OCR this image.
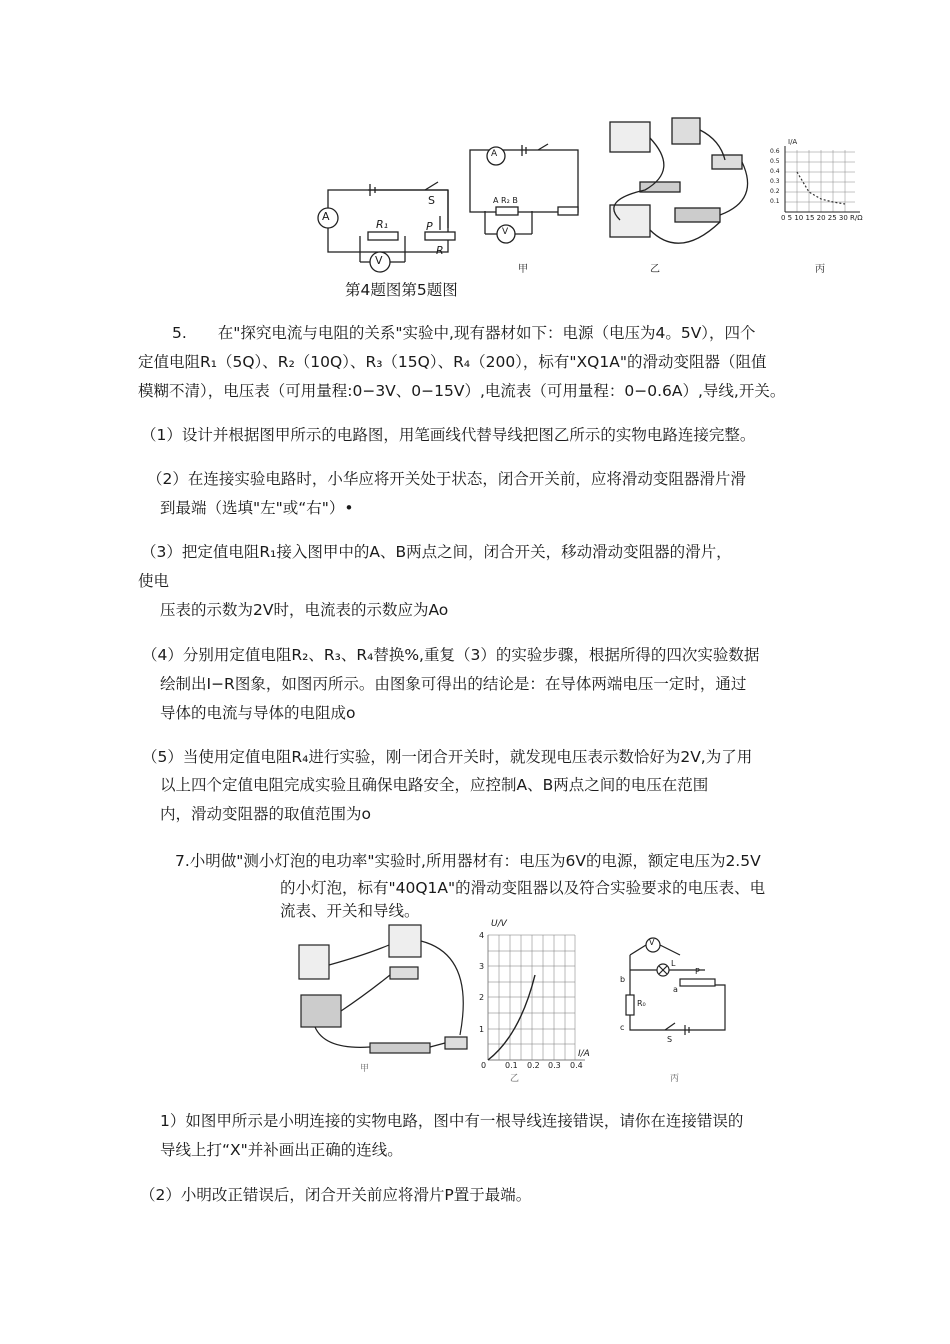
A
S
R₁	P
R
V
A
A R₂ B
V
甲	乙	丙
I/A
0.6
0.5
0.4
0.3
0.2
0.1
0 5 10 15 20 25 30 R/Ω
第4题图第5题图
5.　　在"探究电流与电阻的关系"实验中,现有器材如下：电源（电压为4。5V），四个
定值电阻R₁（5Q）、R₂（10Q）、R₃（15Q）、R₄（200），标有"XQ1A"的滑动变阻器（阻值
模糊不清），电压表（可用量程:0−3V、0−15V）,电流表（可用量程：0−0.6A）,导线,开关。
（1）设计并根据图甲所示的电路图，用笔画线代替导线把图乙所示的实物电路连接完整。
（2）在连接实验电路时，小华应将开关处于状态，闭合开关前，应将滑动变阻器滑片滑
到最端（选填"左"或“右"）•
（3）把定值电阻R₁接入图甲中的A、B两点之间，闭合开关，移动滑动变阻器的滑片，
使电
压表的示数为2V时，电流表的示数应为Ao
（4）分别用定值电阻R₂、R₃、R₄替换%,重复（3）的实验步骤，根据所得的四次实验数据
绘制出I−R图象，如图丙所示。由图象可得出的结论是：在导体两端电压一定时，通过
导体的电流与导体的电阻成o
（5）当使用定值电阻R₄进行实验，刚一闭合开关时，就发现电压表示数恰好为2V,为了用
以上四个定值电阻完成实验且确保电路安全，应控制A、B两点之间的电压在范围
内，滑动变阻器的取值范围为o
7.小明做"测小灯泡的电功率"实验时,所用器材有：电压为6V的电源，额定电压为2.5V
的小灯泡，标有"40Q1A"的滑动变阻器以及符合实验要求的电压表、电
流表、开关和导线。
U/V
I/A
4
3
2
1
0 0.1 0.2 0.3 0.4
V
L
P
b
a
R₀
c
S
甲
乙	丙
1）如图甲所示是小明连接的实物电路，图中有一根导线连接错误，请你在连接错误的
导线上打“X"并补画出正确的连线。
（2）小明改正错误后，闭合开关前应将滑片P置于最端。
